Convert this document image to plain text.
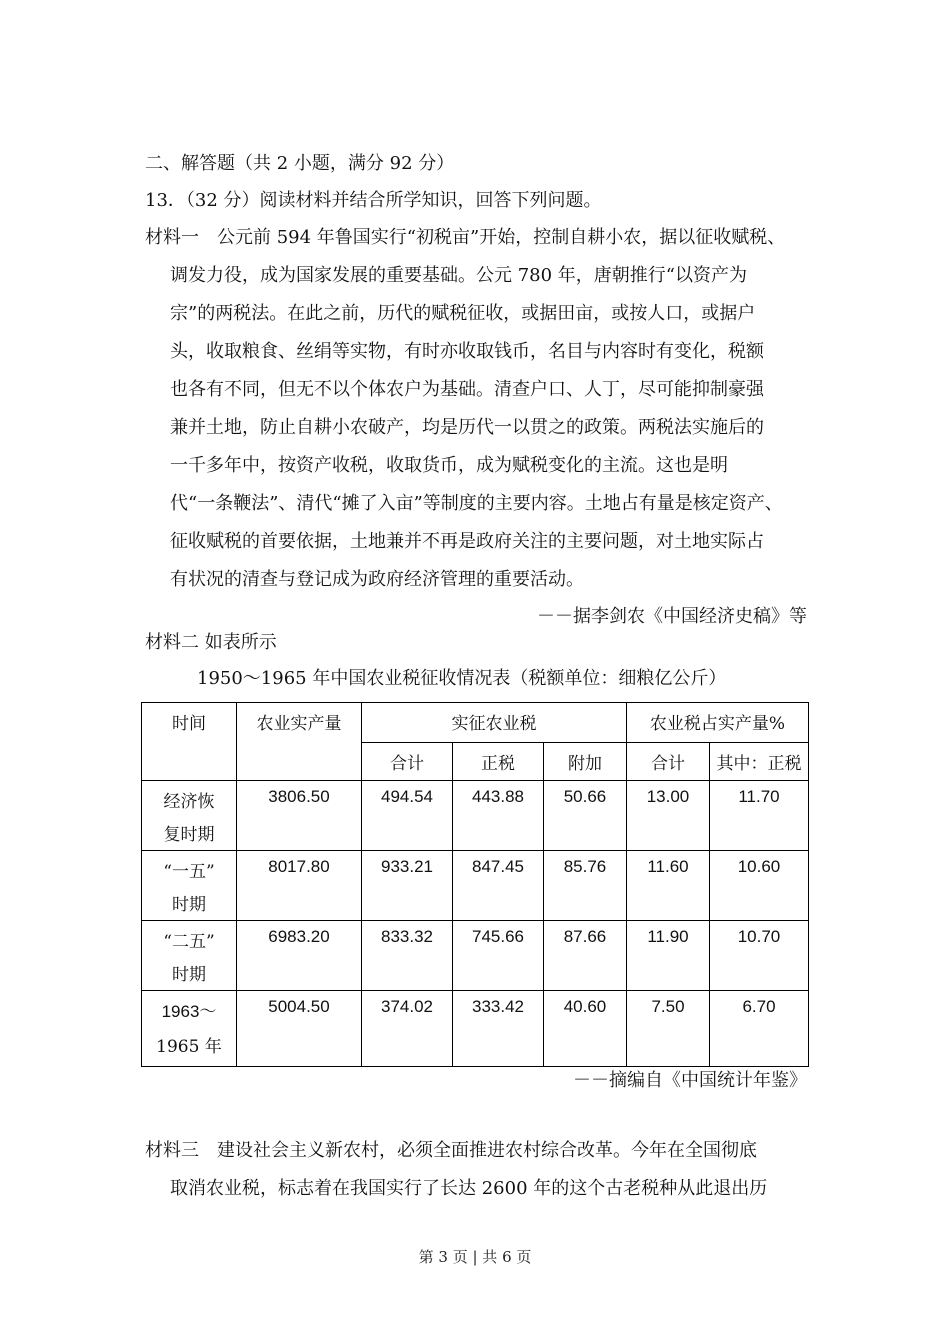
二、解答题（共 2 小题，满分 92 分）
13．（32 分）阅读材料并结合所学知识，回答下列问题。
材料一　公元前 594 年鲁国实行“初税亩”开始，控制自耕小农，据以征收赋税、
调发力役，成为国家发展的重要基础。公元 780 年，唐朝推行“以资产为
宗”的两税法。在此之前，历代的赋税征收，或据田亩，或按人口，或据户
头，收取粮食、丝绢等实物，有时亦收取钱币，名目与内容时有变化，税额
也各有不同，但无不以个体农户为基础。清查户口、人丁，尽可能抑制豪强
兼并土地，防止自耕小农破产，均是历代一以贯之的政策。两税法实施后的
一千多年中，按资产收税，收取货币，成为赋税变化的主流。这也是明
代“一条鞭法”、清代“摊了入亩”等制度的主要内容。土地占有量是核定资产、
征收赋税的首要依据，土地兼并不再是政府关注的主要问题，对土地实际占
有状况的清查与登记成为政府经济管理的重要活动。
－－据李剑农《中国经济史稿》等
材料二 如表所示
1950～1965 年中国农业税征收情况表（税额单位：细粮亿公斤）
时间	农业实产量	实征农业税			农业税占实产量%	
		合计	正税	附加	合计	其中：正税

经济恢
复时期	3806.50	494.54	443.88	50.66	13.00	11.70

“一五”
时期	8017.80	933.21	847.45	85.76	11.60	10.60

“二五”
时期	6983.20	833.32	745.66	87.66	11.90	10.70

1963～
1965 年	5004.50	374.02	333.42	40.60	7.50	6.70
－－摘编自《中国统计年鉴》
材料三　建设社会主义新农村，必须全面推进农村综合改革。今年在全国彻底
取消农业税，标志着在我国实行了长达 2600 年的这个古老税种从此退出历
第 3 页 | 共 6 页
